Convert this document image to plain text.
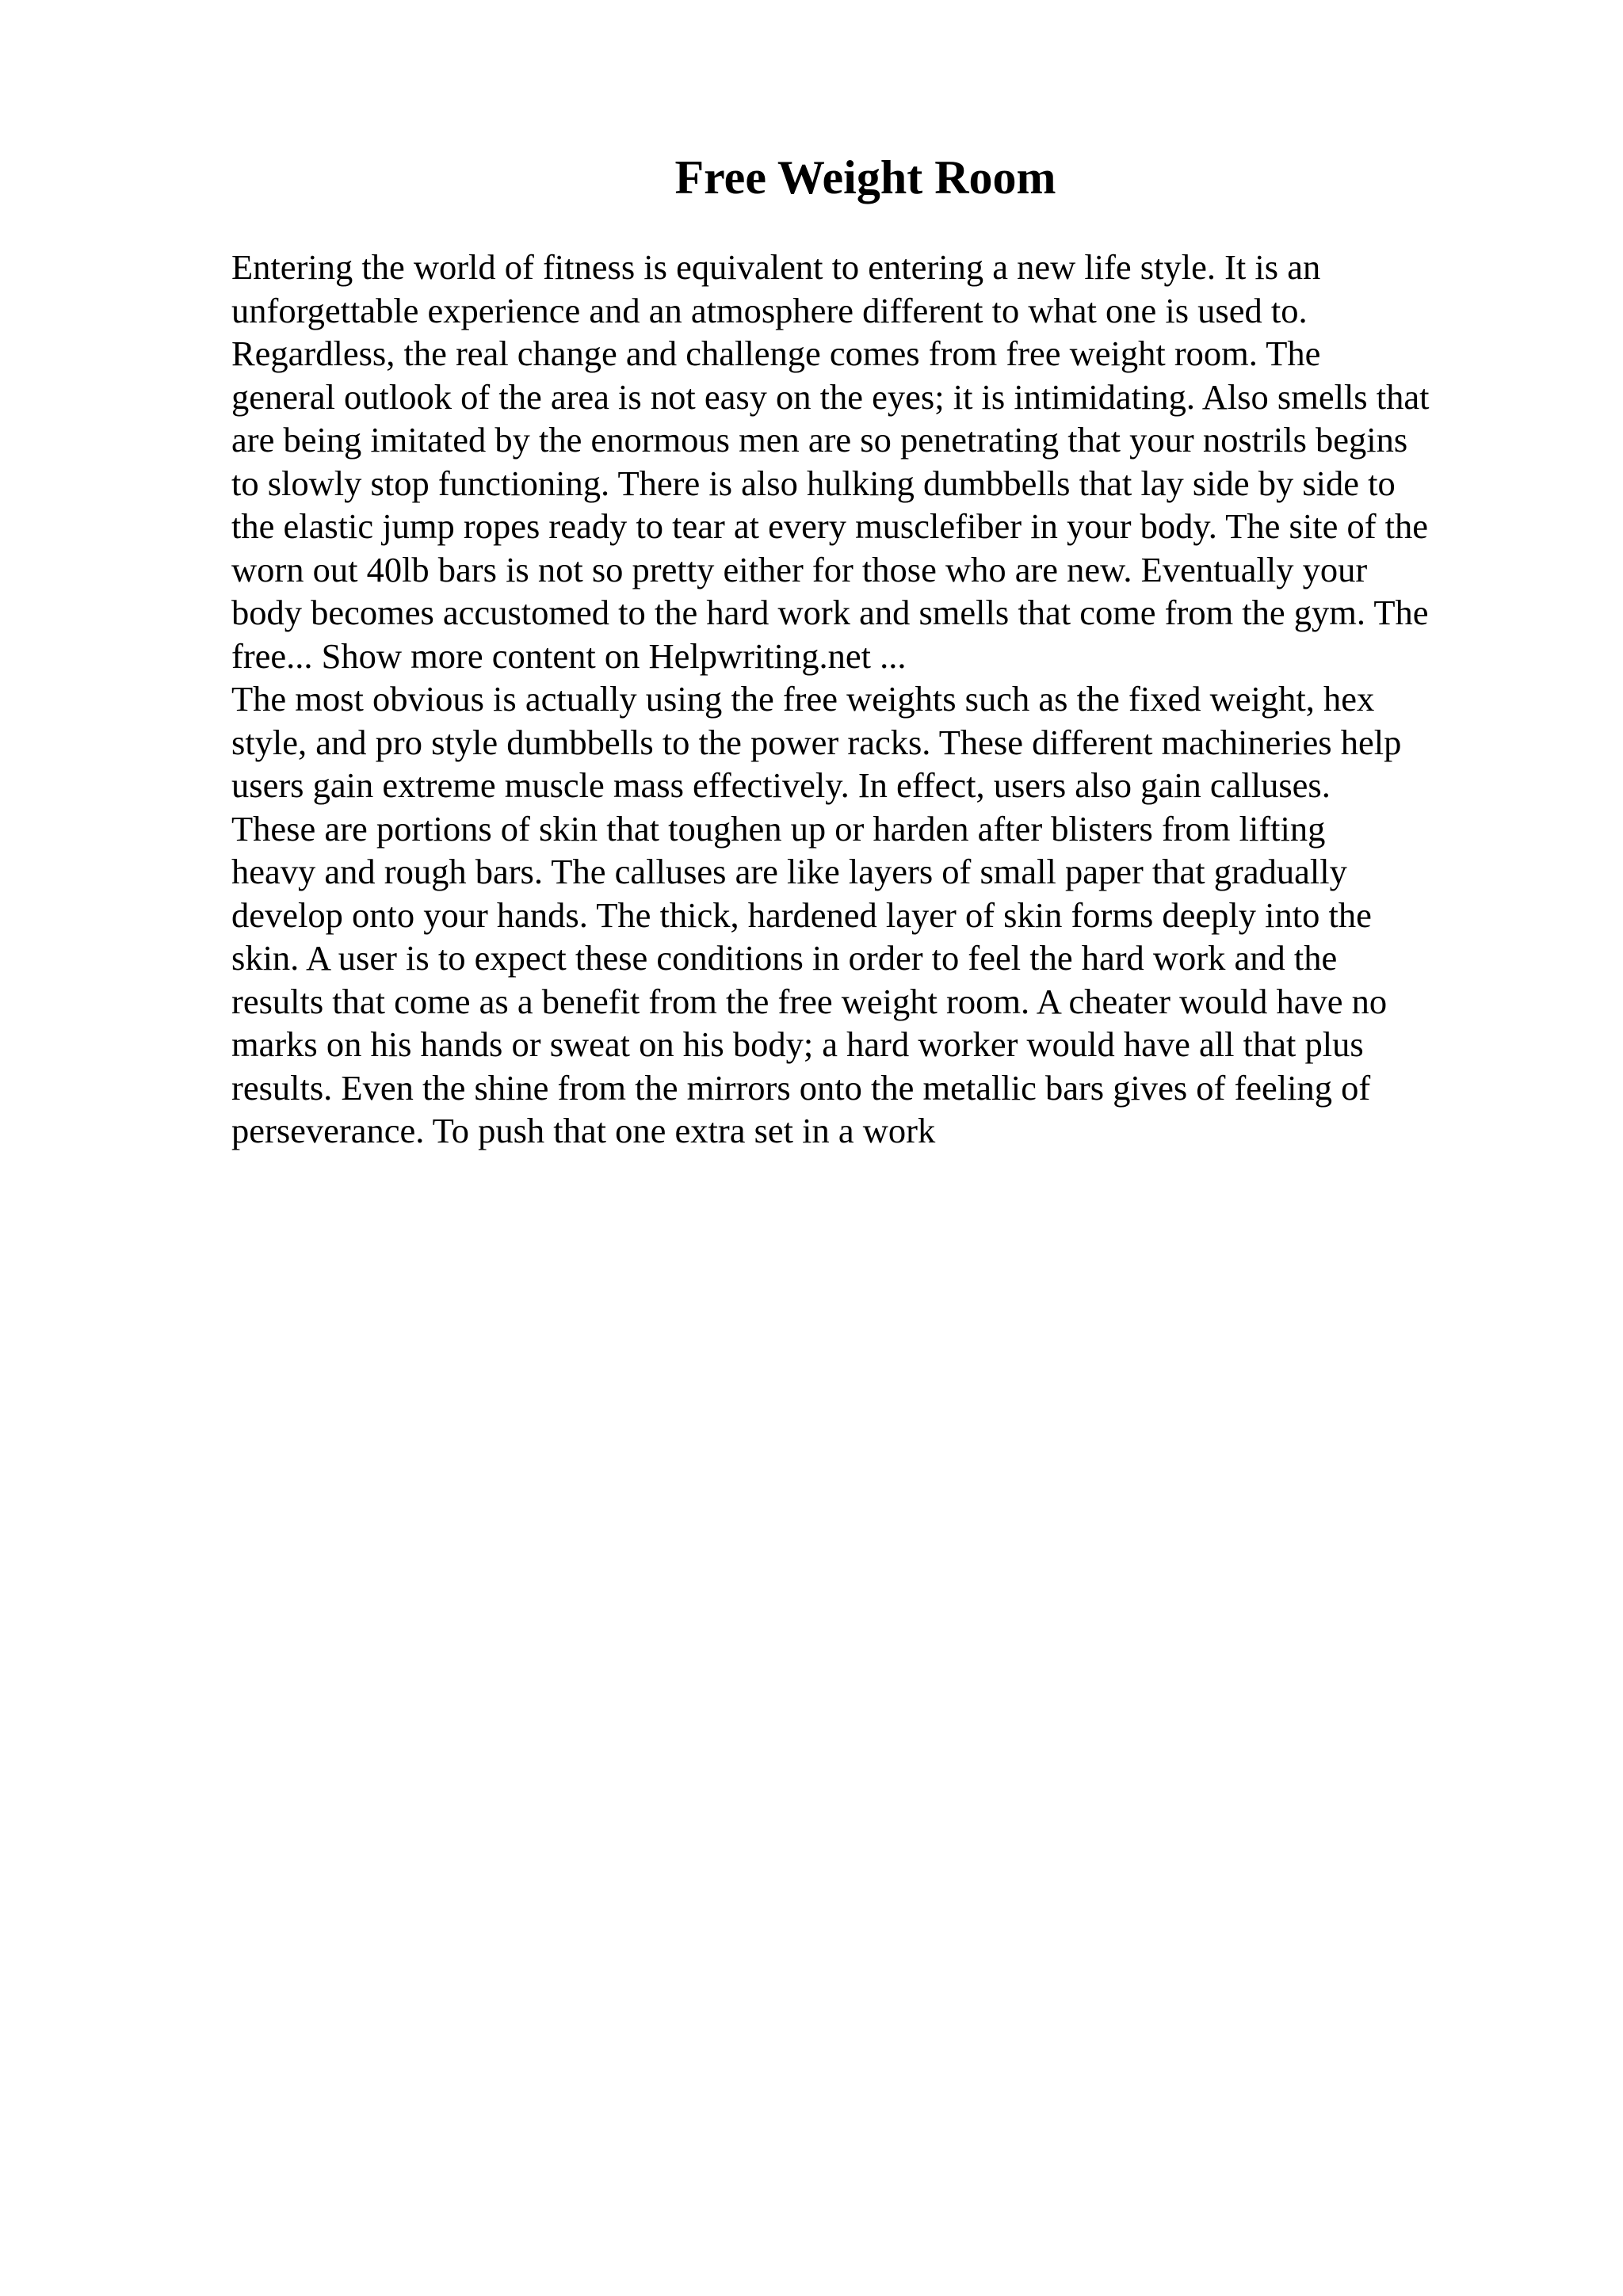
Free Weight Room
Entering the world of fitness is equivalent to entering a new life style. It is an
unforgettable experience and an atmosphere different to what one is used to.
Regardless, the real change and challenge comes from free weight room. The
general outlook of the area is not easy on the eyes; it is intimidating. Also smells that
are being imitated by the enormous men are so penetrating that your nostrils begins
to slowly stop functioning. There is also hulking dumbbells that lay side by side to
the elastic jump ropes ready to tear at every musclefiber in your body. The site of the
worn out 40lb bars is not so pretty either for those who are new. Eventually your
body becomes accustomed to the hard work and smells that come from the gym. The
free... Show more content on Helpwriting.net ...
The most obvious is actually using the free weights such as the fixed weight, hex
style, and pro style dumbbells to the power racks. These different machineries help
users gain extreme muscle mass effectively. In effect, users also gain calluses.
These are portions of skin that toughen up or harden after blisters from lifting
heavy and rough bars. The calluses are like layers of small paper that gradually
develop onto your hands. The thick, hardened layer of skin forms deeply into the
skin. A user is to expect these conditions in order to feel the hard work and the
results that come as a benefit from the free weight room. A cheater would have no
marks on his hands or sweat on his body; a hard worker would have all that plus
results. Even the shine from the mirrors onto the metallic bars gives of feeling of
perseverance. To push that one extra set in a work
